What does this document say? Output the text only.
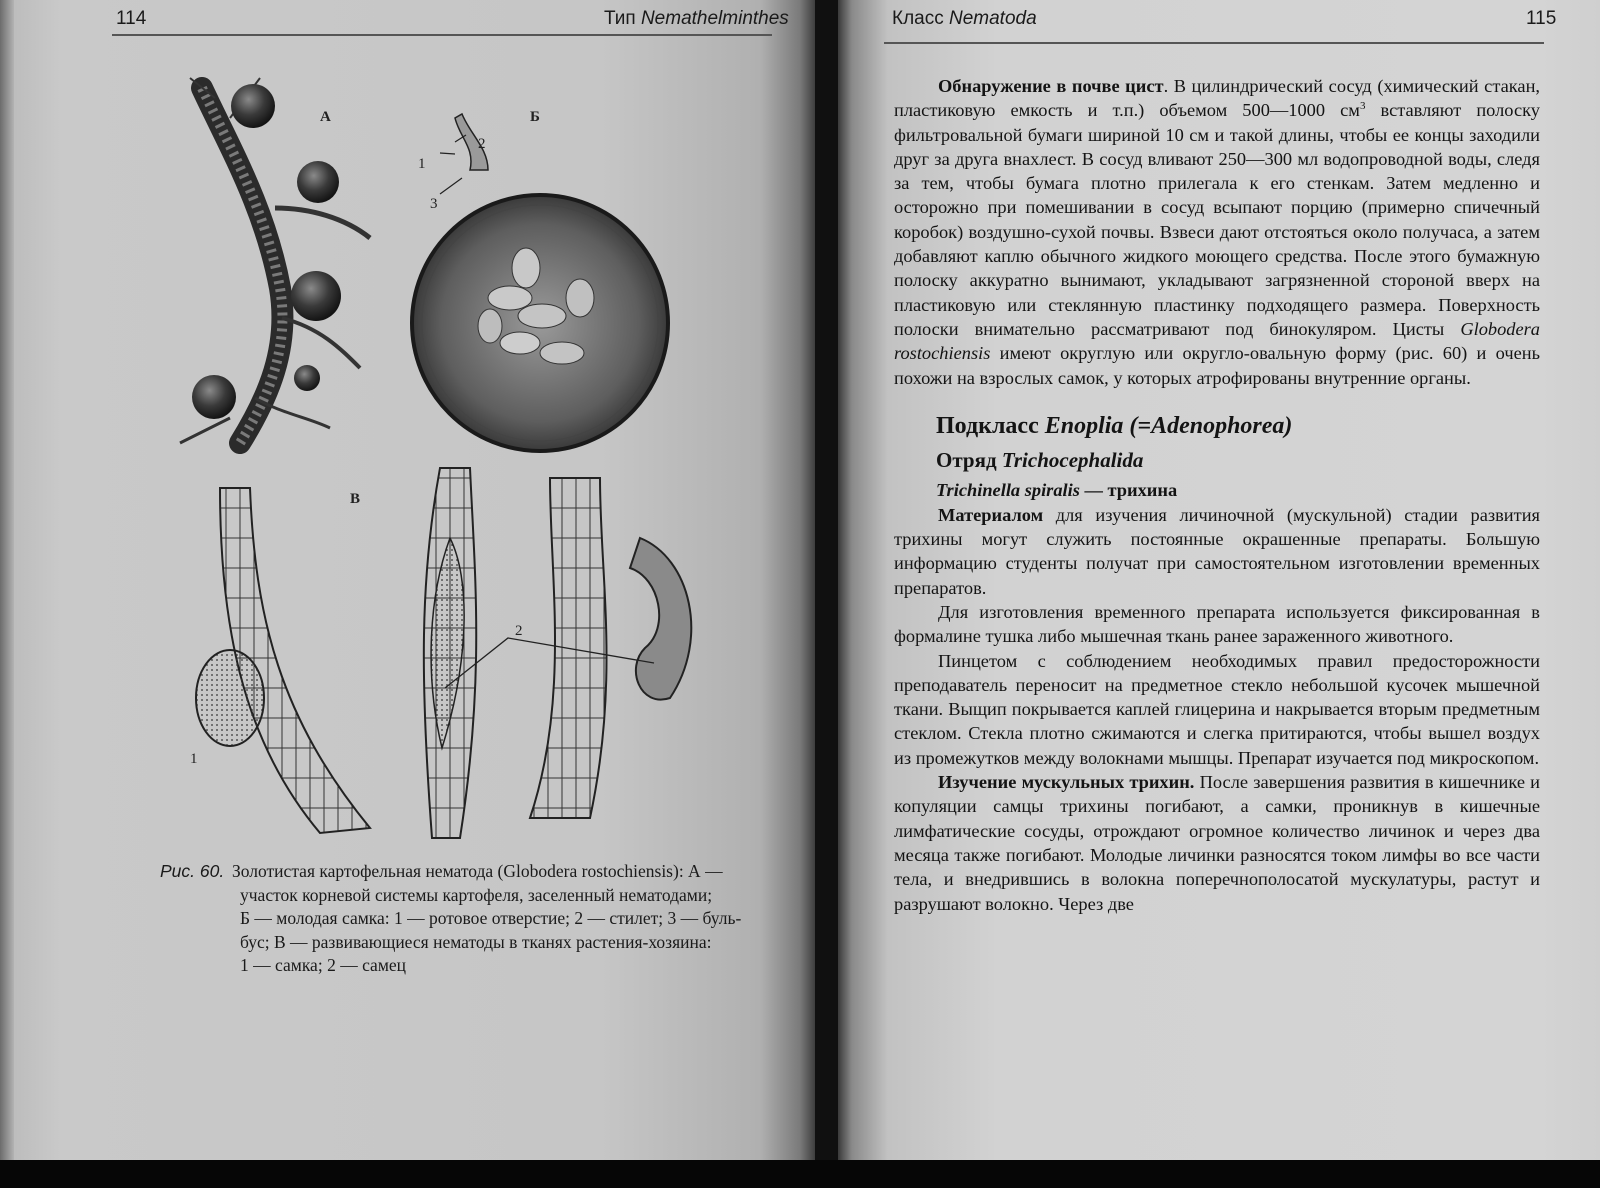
114	Тип Nemathelminthes
А	Б
1
2
3
В
1
2
Рис. 60. Золотистая картофельная нематода (Globodera rostochiensis): А —
участок корневой системы картофеля, заселенный нематодами;
Б — молодая самка: 1 — ротовое отверстие; 2 — стилет; 3 — буль-
бус; В — развивающиеся нематоды в тканях растения-хозяина:
1 — самка; 2 — самец
Класс Nematoda	115

Обнаружение в почве цист. В цилиндрический сосуд (химический стакан, пластиковую емкость и т.п.) объемом 500—1000 $см^3$ вставляют полоску фильтровальной бумаги шириной 10 см и такой длины, чтобы ее концы заходили друг за друга внахлест. В сосуд вливают 250—300 мл водопроводной воды, следя за тем, чтобы бумага плотно прилегала к его стенкам. Затем медленно и осторожно при помешивании в сосуд всыпают порцию (примерно спичечный коробок) воздушно-сухой почвы. Взвеси дают отстояться около получаса, а затем добавляют каплю обычного жидкого моющего средства. После этого бумажную полоску аккуратно вынимают, укладывают загрязненной стороной вверх на пластиковую или стеклянную пластинку подходящего размера. Поверхность полоски внимательно рассматривают под бинокуляром. Цисты Globodera rostochiensis имеют округлую или округло-овальную форму (рис. 60) и очень похожи на взрослых самок, у которых атрофированы внутренние органы.

Подкласс Enoplia (=Adenophorea)
Отряд Trichocephalida
Trichinella spiralis — трихина

Материалом для изучения личиночной (мускульной) стадии развития трихины могут служить постоянные окрашенные препараты. Большую информацию студенты получат при самостоятельном изготовлении временных препаратов.

Для изготовления временного препарата используется фиксированная в формалине тушка либо мышечная ткань ранее зараженного животного.

Пинцетом с соблюдением необходимых правил предосторожности преподаватель переносит на предметное стекло небольшой кусочек мышечной ткани. Выщип покрывается каплей глицерина и накрывается вторым предметным стеклом. Стекла плотно сжимаются и слегка притираются, чтобы вышел воздух из промежутков между волокнами мышцы. Препарат изучается под микроскопом.

Изучение мускульных трихин. После завершения развития в кишечнике и копуляции самцы трихины погибают, а самки, проникнув в кишечные лимфатические сосуды, отрождают огромное количество личинок и через два месяца также погибают. Молодые личинки разносятся током лимфы во все части тела, и внедрившись в волокна поперечнополосатой мускулатуры, растут и разрушают волокно. Через две
